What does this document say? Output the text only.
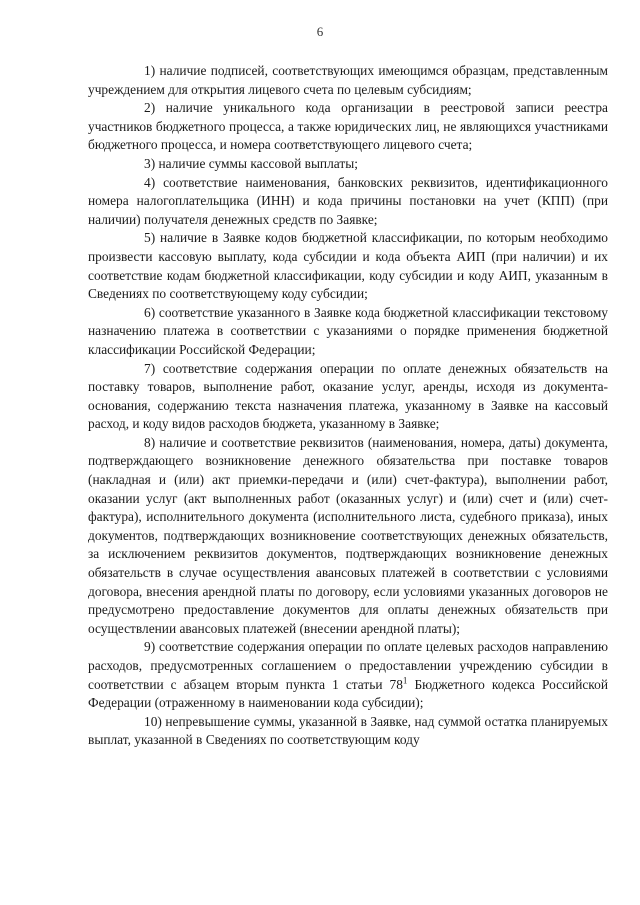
6

1) наличие подписей, соответствующих имеющимся образцам, представленным учреждением для открытия лицевого счета по целевым субсидиям;

2) наличие уникального кода организации в реестровой записи реестра участников бюджетного процесса, а также юридических лиц, не являющихся участниками бюджетного процесса, и номера соответствующего лицевого счета;

3) наличие суммы кассовой выплаты;

4) соответствие наименования, банковских реквизитов, идентификационного номера налогоплательщика (ИНН) и кода причины постановки на учет (КПП) (при наличии) получателя денежных средств по Заявке;

5) наличие в Заявке кодов бюджетной классификации, по которым необходимо произвести кассовую выплату, кода субсидии и кода объекта АИП (при наличии) и их соответствие кодам бюджетной классификации, коду субсидии и коду АИП, указанным в Сведениях по соответствующему коду субсидии;

6) соответствие указанного в Заявке кода бюджетной классификации текстовому назначению платежа в соответствии с указаниями о порядке применения бюджетной классификации Российской Федерации;

7) соответствие содержания операции по оплате денежных обязательств на поставку товаров, выполнение работ, оказание услуг, аренды, исходя из документа-основания, содержанию текста назначения платежа, указанному в Заявке на кассовый расход, и коду видов расходов бюджета, указанному в Заявке;

8) наличие и соответствие реквизитов (наименования, номера, даты) документа, подтверждающего возникновение денежного обязательства при поставке товаров (накладная и (или) акт приемки-передачи и (или) счет-фактура), выполнении работ, оказании услуг (акт выполненных работ (оказанных услуг) и (или) счет и (или) счет-фактура), исполнительного документа (исполнительного листа, судебного приказа), иных документов, подтверждающих возникновение соответствующих денежных обязательств, за исключением реквизитов документов, подтверждающих возникновение денежных обязательств в случае осуществления авансовых платежей в соответствии с условиями договора, внесения арендной платы по договору, если условиями указанных договоров не предусмотрено предоставление документов для оплаты денежных обязательств при осуществлении авансовых платежей (внесении арендной платы);

9) соответствие содержания операции по оплате целевых расходов направлению расходов, предусмотренных соглашением о предоставлении учреждению субсидии в соответствии с абзацем вторым пункта 1 статьи $78^1$ Бюджетного кодекса Российской Федерации (отраженному в наименовании кода субсидии);

10) непревышение суммы, указанной в Заявке, над суммой остатка планируемых выплат, указанной в Сведениях по соответствующим коду
